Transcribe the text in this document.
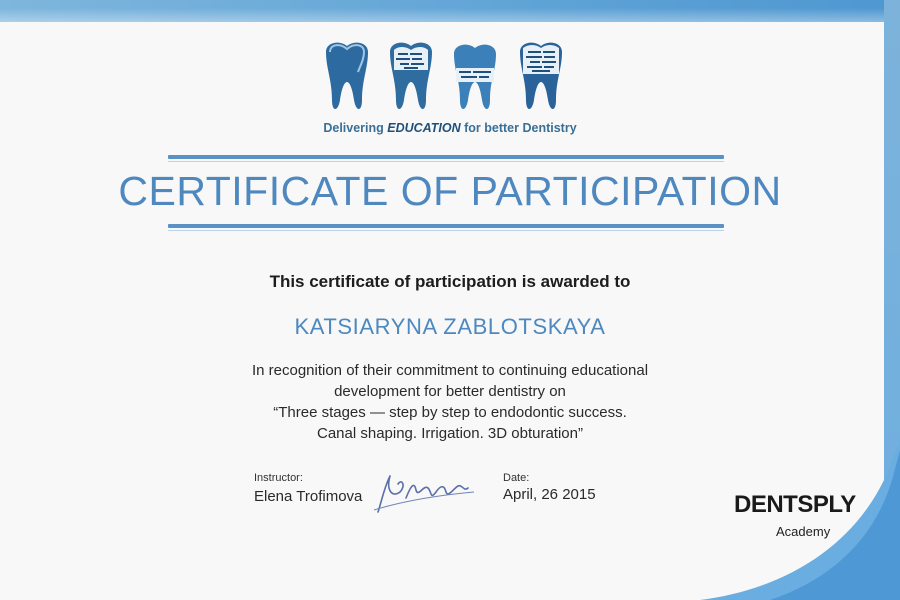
Delivering EDUCATION for better Dentistry
CERTIFICATE OF PARTICIPATION
This certificate of participation is awarded to
KATSIARYNA ZABLOTSKAYA
In recognition of their commitment to continuing educational
development for better dentistry on
“Three stages — step by step to endodontic success.
Canal shaping. Irrigation. 3D obturation”
Instructor:
Elena Trofimova
Date:
April, 26 2015	DENTSPLY
Academy
